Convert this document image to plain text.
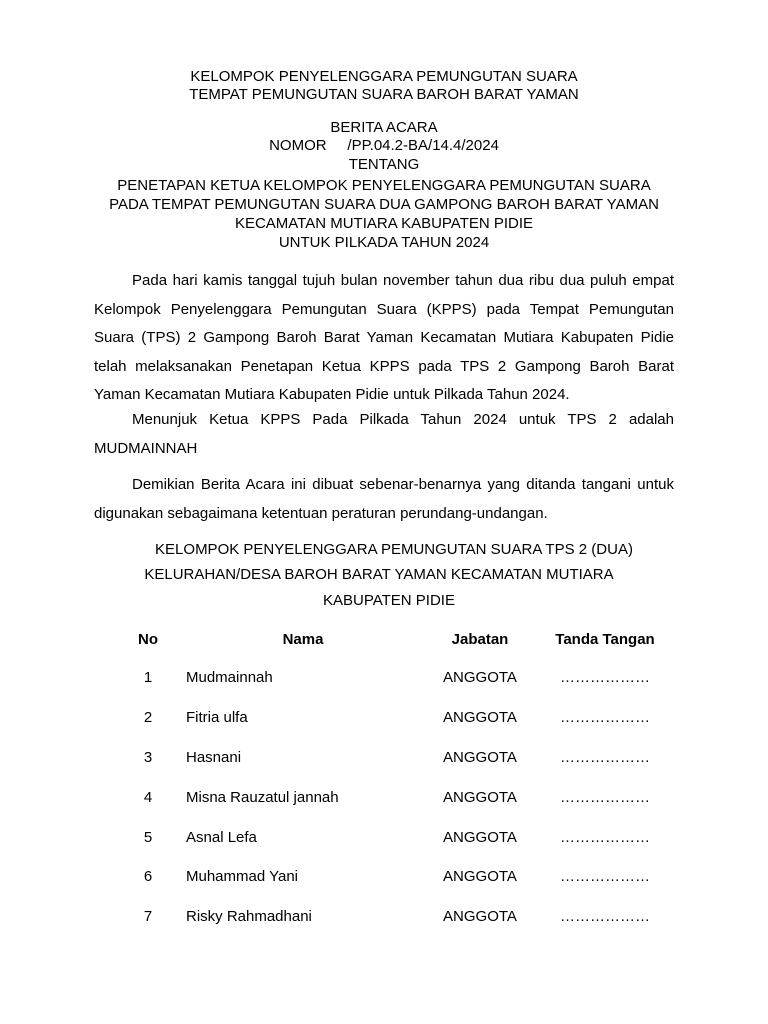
KELOMPOK PENYELENGGARA PEMUNGUTAN SUARA
TEMPAT PEMUNGUTAN SUARA BAROH BARAT YAMAN
BERITA ACARA
NOMOR     /PP.04.2-BA/14.4/2024
TENTANG
PENETAPAN KETUA KELOMPOK PENYELENGGARA PEMUNGUTAN SUARA
PADA TEMPAT PEMUNGUTAN SUARA DUA GAMPONG BAROH BARAT YAMAN
KECAMATAN MUTIARA KABUPATEN PIDIE
UNTUK PILKADA TAHUN 2024

Pada hari kamis tanggal tujuh bulan november tahun dua ribu dua puluh empat Kelompok Penyelenggara Pemungutan Suara (KPPS) pada Tempat Pemungutan Suara (TPS) 2 Gampong Baroh Barat Yaman Kecamatan Mutiara Kabupaten Pidie telah melaksanakan Penetapan Ketua KPPS pada TPS 2 Gampong Baroh Barat Yaman Kecamatan Mutiara Kabupaten Pidie untuk Pilkada Tahun 2024.

Menunjuk Ketua KPPS Pada Pilkada Tahun 2024 untuk TPS 2 adalah MUDMAINNAH

Demikian Berita Acara ini dibuat sebenar-benarnya yang ditanda tangani untuk digunakan sebagaimana ketentuan peraturan perundang-undangan.

KELOMPOK PENYELENGGARA PEMUNGUTAN SUARA TPS 2 (DUA)
KELURAHAN/DESA BAROH BARAT YAMAN KECAMATAN MUTIARA
KABUPATEN PIDIE
No	Nama	Jabatan	Tanda Tangan
1	Mudmainnah	ANGGOTA	………………
2	Fitria ulfa	ANGGOTA	………………
3	Hasnani	ANGGOTA	………………
4	Misna Rauzatul jannah	ANGGOTA	………………
5	Asnal Lefa	ANGGOTA	………………
6	Muhammad Yani	ANGGOTA	………………
7	Risky Rahmadhani	ANGGOTA	………………
